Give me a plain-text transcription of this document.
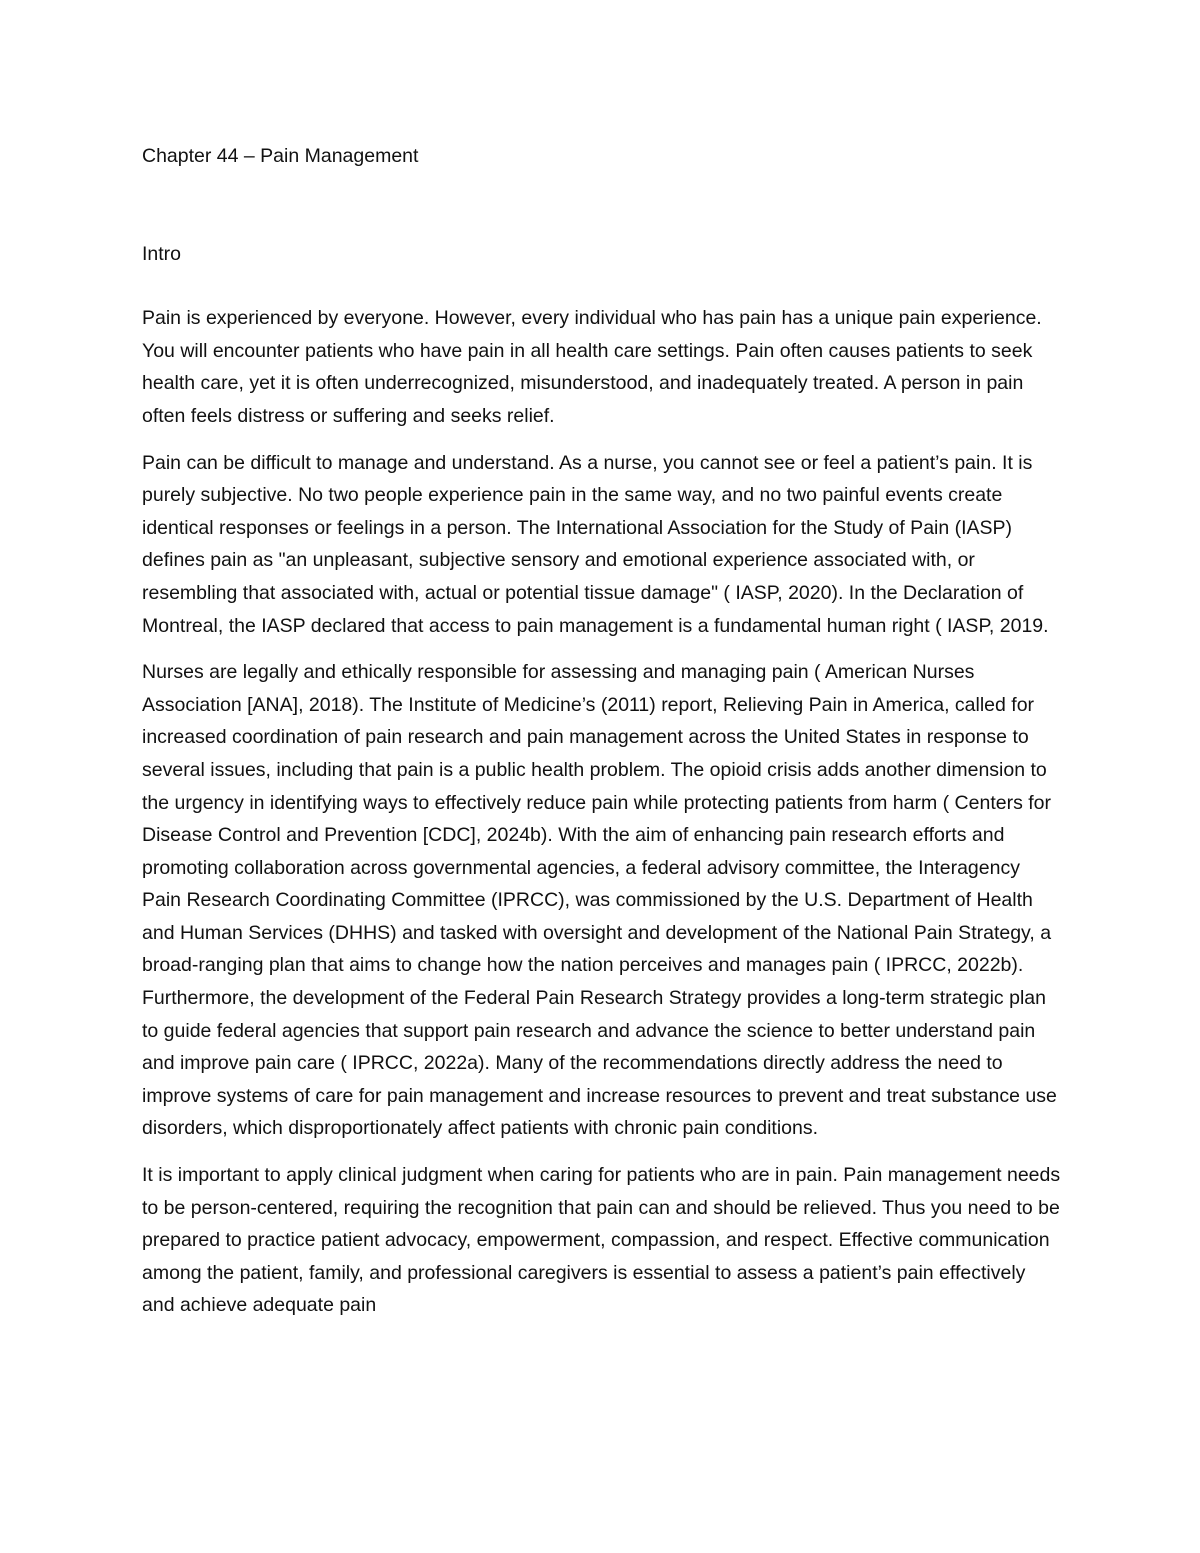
Chapter 44 – Pain Management
Intro

Pain is experienced by everyone. However, every individual who has pain has a unique pain experience. You will encounter patients who have pain in all health care settings. Pain often causes patients to seek health care, yet it is often underrecognized, misunderstood, and inadequately treated. A person in pain often feels distress or suffering and seeks relief.

Pain can be difficult to manage and understand. As a nurse, you cannot see or feel a patient’s pain. It is purely subjective. No two people experience pain in the same way, and no two painful events create identical responses or feelings in a person. The International Association for the Study of Pain (IASP) defines pain as "an unpleasant, subjective sensory and emotional experience associated with, or resembling that associated with, actual or potential tissue damage" ( IASP, 2020). In the Declaration of Montreal, the IASP declared that access to pain management is a fundamental human right ( IASP, 2019.

Nurses are legally and ethically responsible for assessing and managing pain ( American Nurses Association [ANA], 2018). The Institute of Medicine’s (2011) report, Relieving Pain in America, called for increased coordination of pain research and pain management across the United States in response to several issues, including that pain is a public health problem. The opioid crisis adds another dimension to the urgency in identifying ways to effectively reduce pain while protecting patients from harm ( Centers for Disease Control and Prevention [CDC], 2024b). With the aim of enhancing pain research efforts and promoting collaboration across governmental agencies, a federal advisory committee, the Interagency Pain Research Coordinating Committee (IPRCC), was commissioned by the U.S. Department of Health and Human Services (DHHS) and tasked with oversight and development of the National Pain Strategy, a broad-ranging plan that aims to change how the nation perceives and manages pain ( IPRCC, 2022b). Furthermore, the development of the Federal Pain Research Strategy provides a long-term strategic plan to guide federal agencies that support pain research and advance the science to better understand pain and improve pain care ( IPRCC, 2022a). Many of the recommendations directly address the need to improve systems of care for pain management and increase resources to prevent and treat substance use disorders, which disproportionately affect patients with chronic pain conditions.

It is important to apply clinical judgment when caring for patients who are in pain. Pain management needs to be person-centered, requiring the recognition that pain can and should be relieved. Thus you need to be prepared to practice patient advocacy, empowerment, compassion, and respect. Effective communication among the patient, family, and professional caregivers is essential to assess a patient’s pain effectively and achieve adequate pain
